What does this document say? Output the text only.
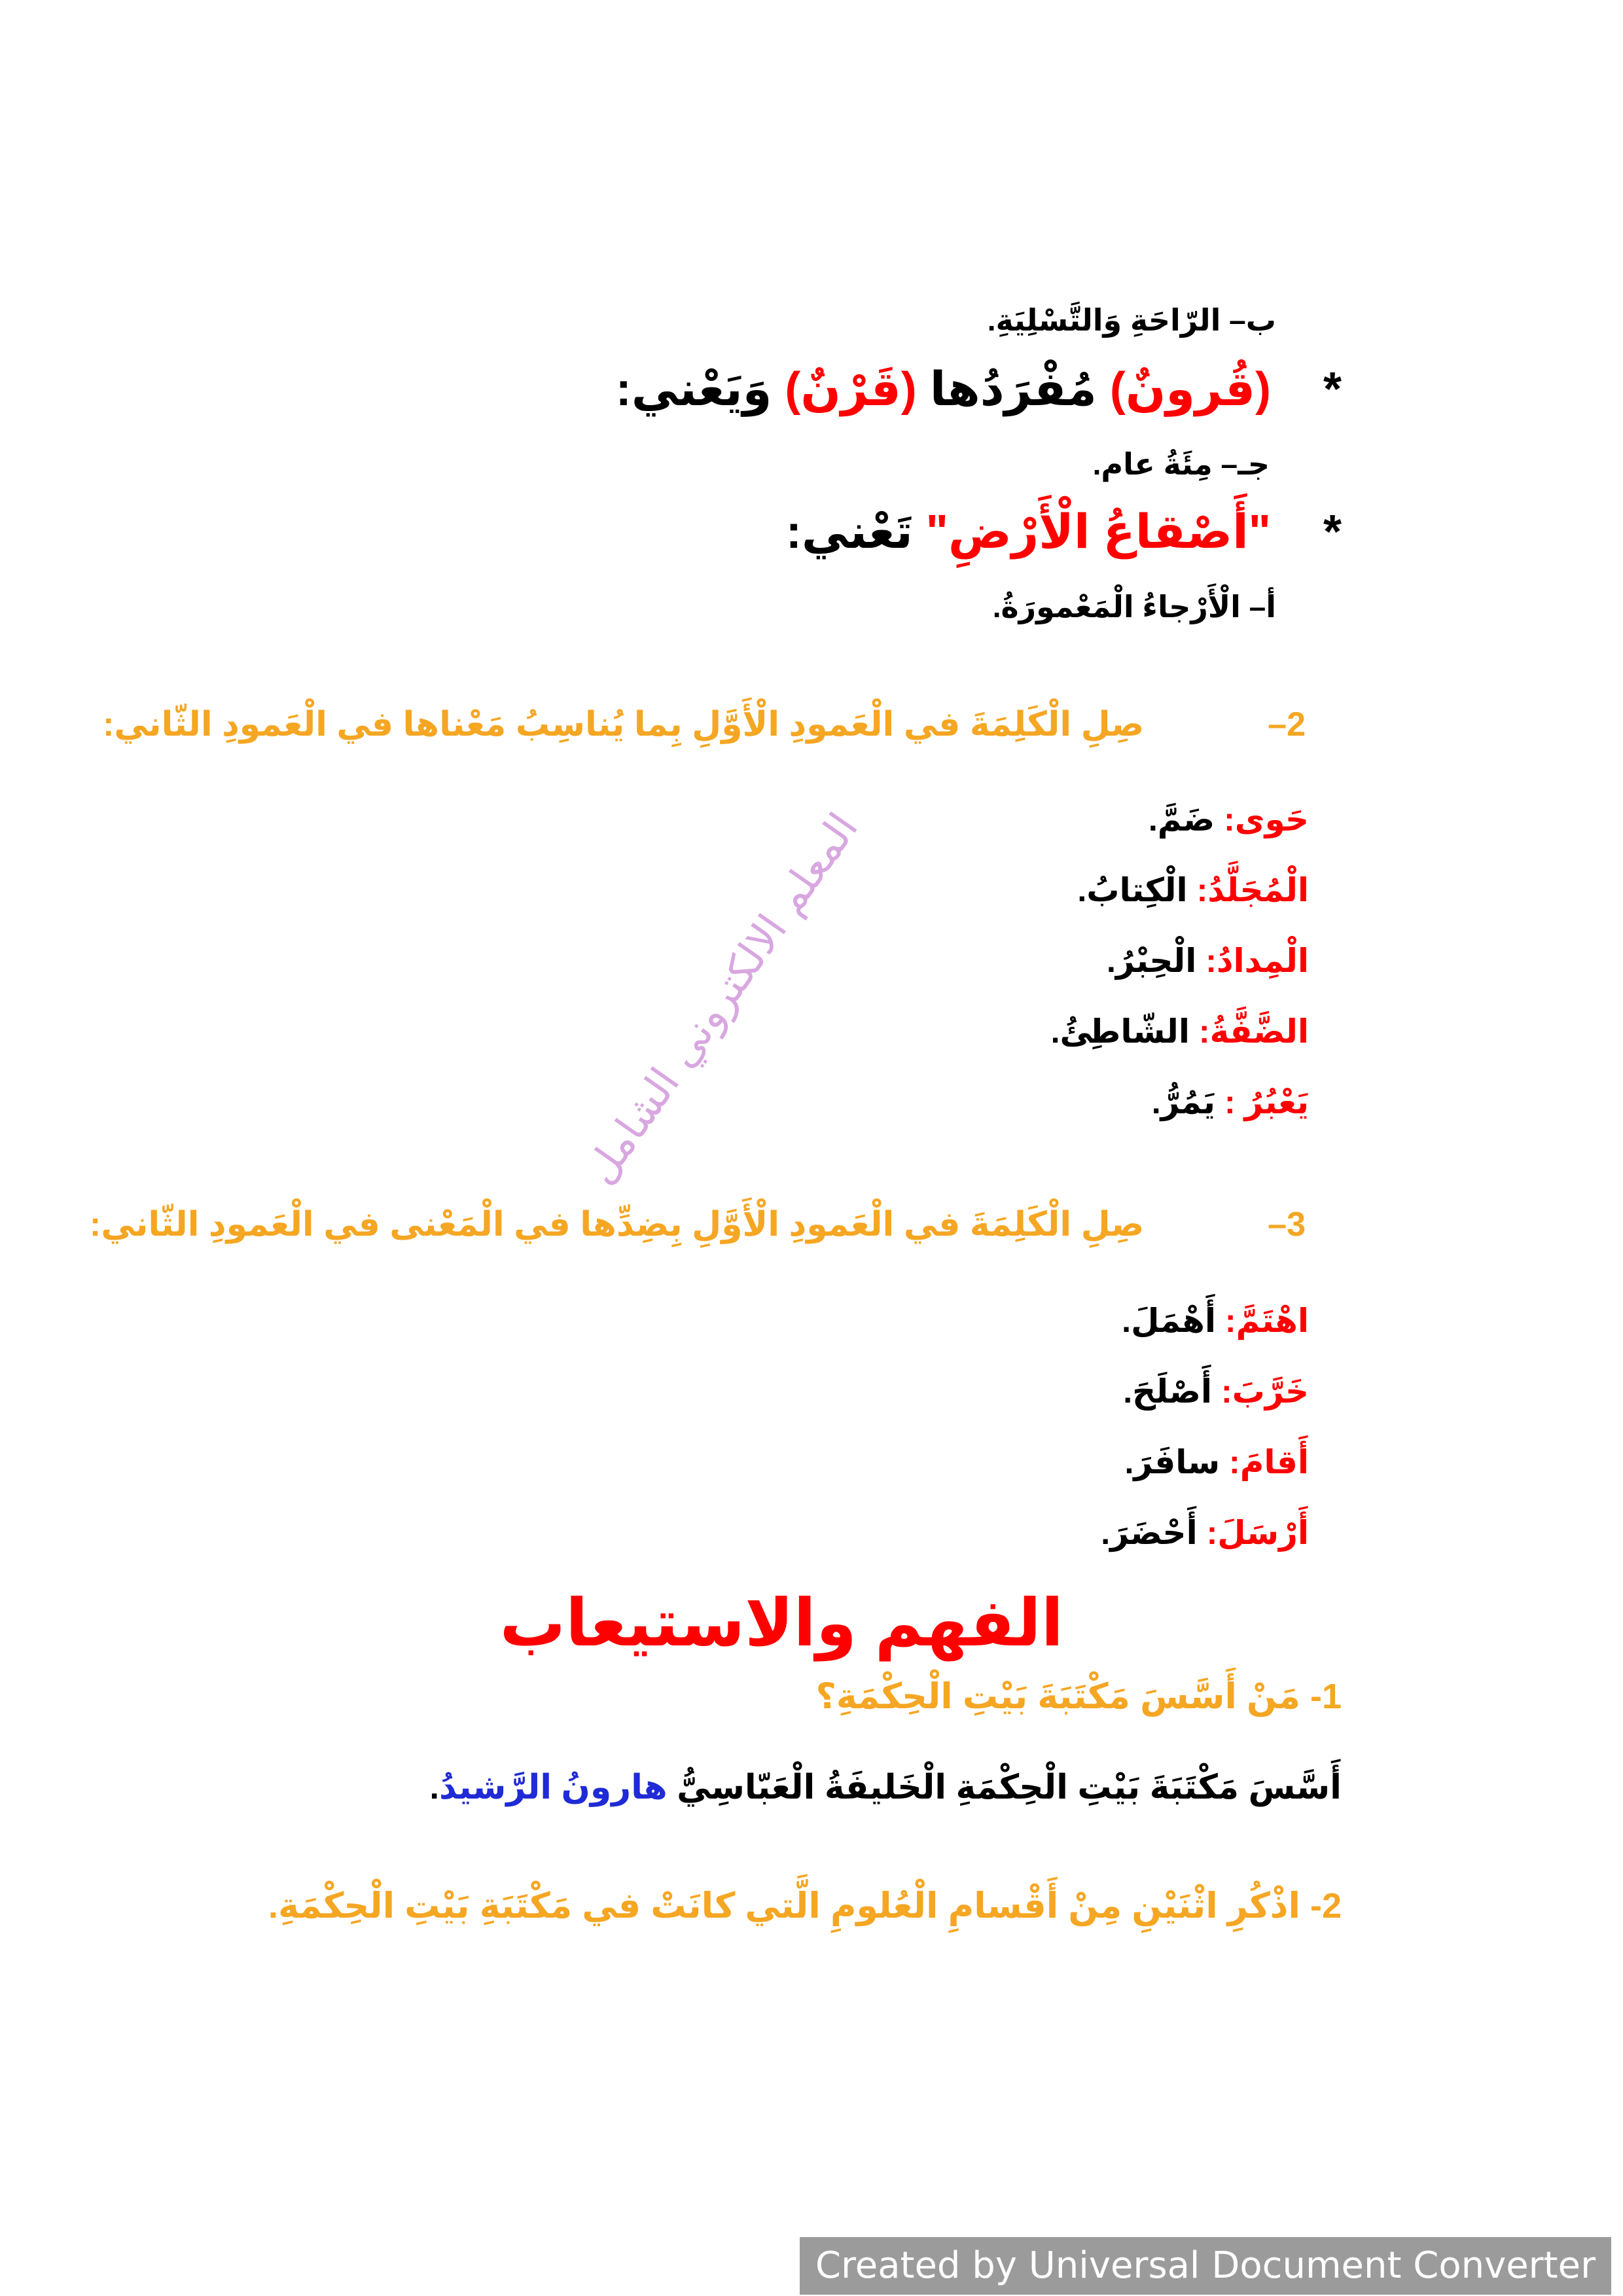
ب– الرّاحَةِ وَالتَّسْلِيَةِ.
*  (قُرونٌ) مُفْرَدُها (قَرْنٌ) وَيَعْني:
جـ– مِئَةُ عام.
*  "أَصْقاعُ الْأَرْضِ" تَعْني:
أ– الْأَرْجاءُ الْمَعْمورَةُ.
2–  صِلِ الْكَلِمَةَ في الْعَمودِ الْأَوَّلِ بِما يُناسِبُ مَعْناها في الْعَمودِ الثّاني:
حَوى: ضَمَّ.
الْمُجَلَّدُ: الْكِتابُ.
الْمِدادُ: الْحِبْرُ.
الضَّفَّةُ: الشّاطِئُ.
يَعْبُرُ : يَمُرُّ.
3–  صِلِ الْكَلِمَةَ في الْعَمودِ الْأَوَّلِ بِضِدِّها في الْمَعْنى في الْعَمودِ الثّاني:
اهْتَمَّ: أَهْمَلَ.
خَرَّبَ: أَصْلَحَ.
أَقامَ: سافَرَ.
أَرْسَلَ: أَحْضَرَ.
الفهم والاستيعاب
1- مَنْ أَسَّسَ مَكْتَبَةَ بَيْتِ الْحِكْمَةِ؟
أَسَّسَ مَكْتَبَةَ بَيْتِ الْحِكْمَةِ الْخَليفَةُ الْعَبّاسِيُّ هارونُ الرَّشيدُ.
2- اذْكُرِ اثْنَيْنِ مِنْ أَقْسامِ الْعُلومِ الَّتي كانَتْ في مَكْتَبَةِ بَيْتِ الْحِكْمَةِ.
المعلم الالكتروني الشامل
Created by Universal Document Converter
